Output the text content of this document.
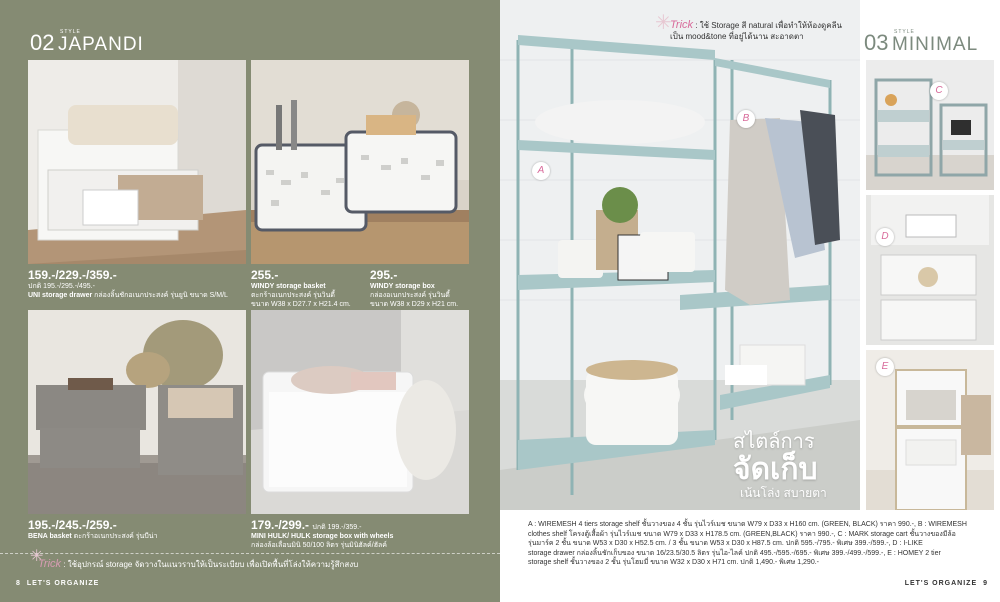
02 STYLE
JAPANDI
159.-/229.-/359.-
ปกติ 195.-/295.-/495.-
UNI storage drawer กล่องลิ้นชักอเนกประสงค์ รุ่นยูนิ ขนาด S/M/L
255.-
WINDY storage basket
ตะกร้าอเนกประสงค์ รุ่นวินดี้
ขนาด W38 x D27.7 x H21.4 cm.
295.-
WINDY storage box
กล่องอเนกประสงค์ รุ่นวินดี้
ขนาด W38 x D29 x H21 cm.
195.-/245.-/259.-
BENA basket ตะกร้าอเนกประสงค์ รุ่นบีน่า
179.-/299.- ปกติ 199.-/359.-
MINI HULK/ HULK storage box with wheels
กล่องล้อเลื่อนมินิ 50/100 ลิตร รุ่นมินิฮัลค์/ฮัลค์
✳
Trick : ใช้อุปกรณ์ storage จัดวางในแนวราบให้เป็นระเบียบ เพื่อเปิดพื้นที่โล่งให้ความรู้สึกสงบ
8 LET'S ORGANIZE
✳
Trick : ใช้ Storage สี natural เพื่อทำให้ห้องดูคลีน
เป็น mood&tone ที่อยู่ได้นาน สะอาดตา	03 STYLE
MINIMAL
A
B
C
D
E
สไตล์การ
จัดเก็บ
เน้นโล่ง สบายตา
A : WIREMESH 4 tiers storage shelf ชั้นวางของ 4 ชั้น รุ่นไวร์เมช ขนาด W79 x D33 x H160 cm. (GREEN, BLACK) ราคา 990.-, B : WIREMESH
clothes shelf โครงตู้เสื้อผ้า รุ่นไวร์เมช ขนาด W79 x D33 x H178.5 cm. (GREEN,BLACK) ราคา 990.-, C : MARK storage cart ชั้นวางของมีล้อ
รุ่นมาร์ค 2 ชั้น ขนาด W53 x D30 x H52.5 cm. / 3 ชั้น ขนาด W53 x D30 x H87.5 cm. ปกติ 595.-/795.- พิเศษ 399.-/599.-, D : I-LIKE
storage drawer กล่องลิ้นชักเก็บของ ขนาด 16/23.5/30.5 ลิตร รุ่นไอ-ไลค์ ปกติ 495.-/595.-/695.- พิเศษ 399.-/499.-/599.-, E : HOMEY 2 tier
storage shelf ชั้นวางของ 2 ชั้น รุ่นโฮมมี่ ขนาด W32 x D30 x H71 cm. ปกติ 1,490.- พิเศษ 1,290.-
LET'S ORGANIZE 9
